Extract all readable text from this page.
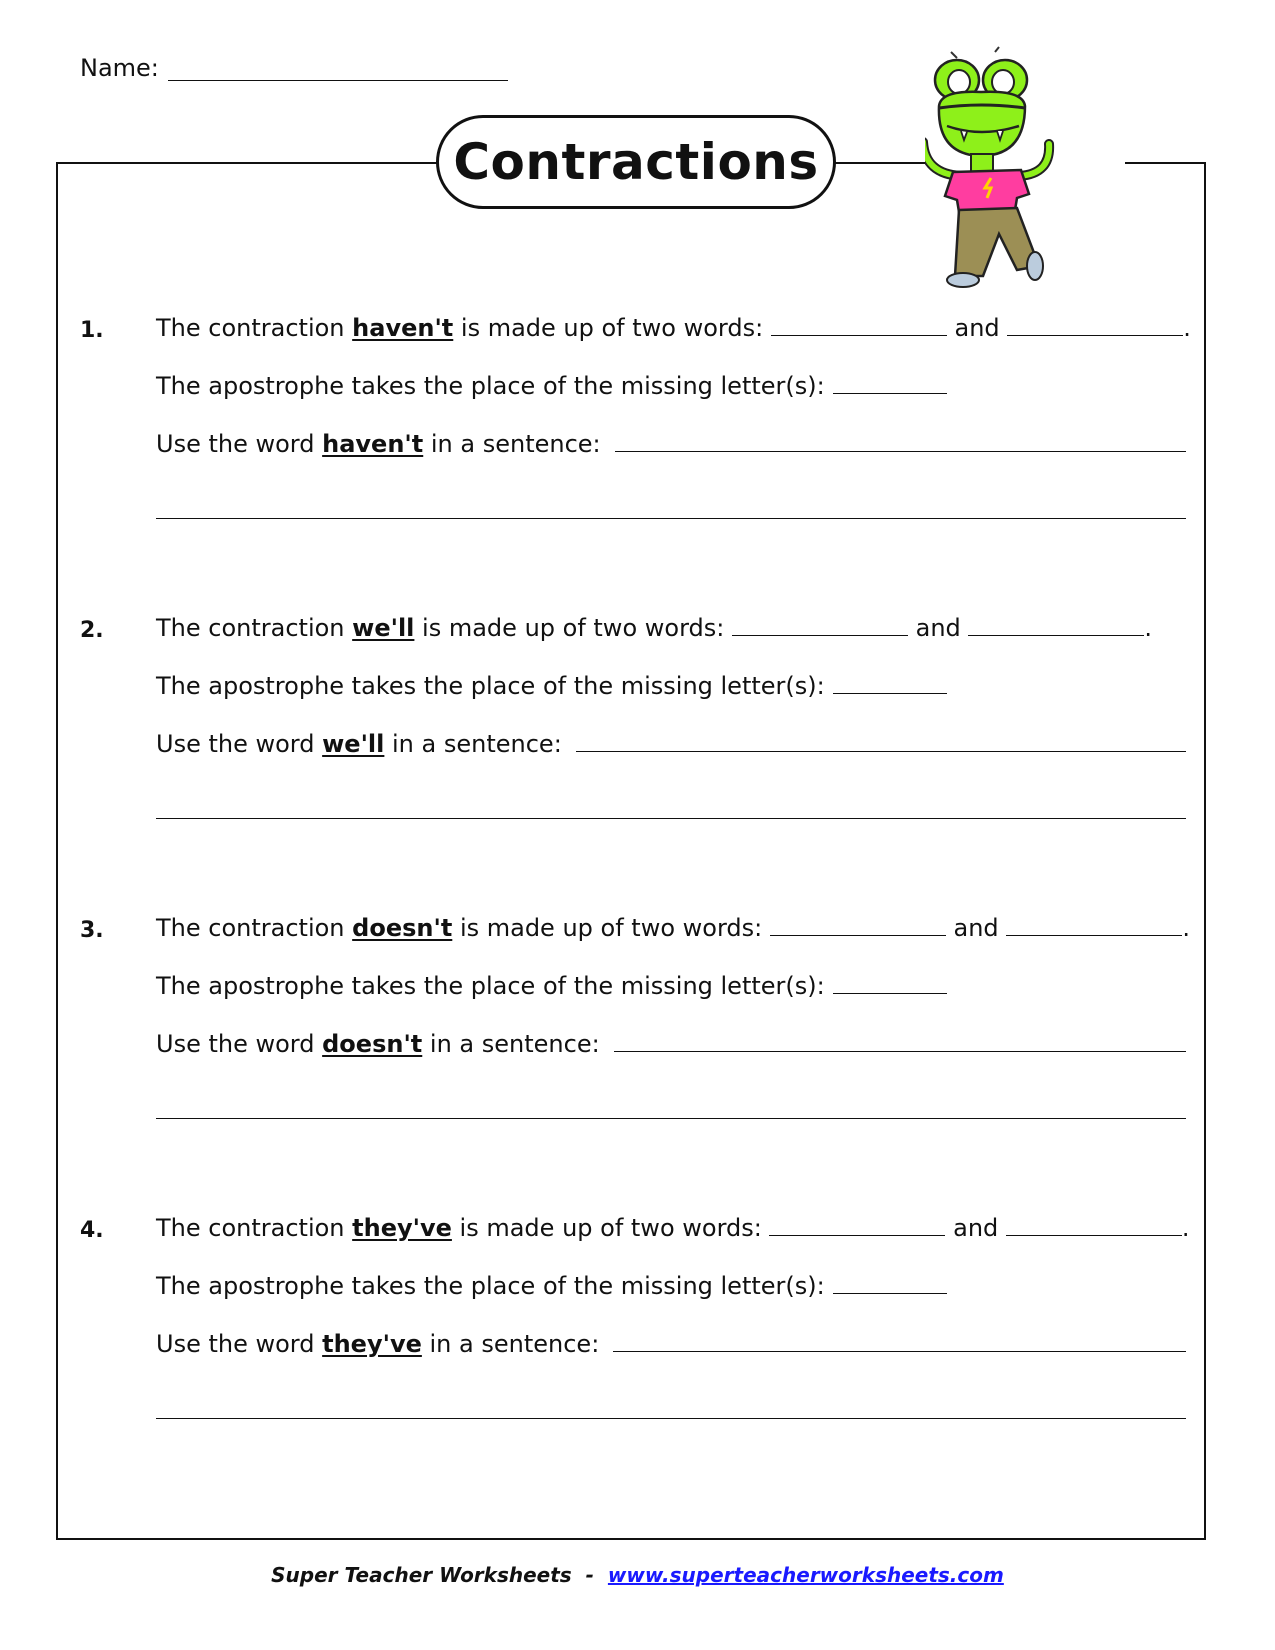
Name:
Contractions
1. The contraction
haven't
is made up of two words:

	and
	.
The apostrophe takes the place of the missing letter(s):
Use the word
haven't
in a sentence:
2. The contraction
we'll
is made up of two words:

	and
	.
The apostrophe takes the place of the missing letter(s):
Use the word
we'll
in a sentence:
3. The contraction
doesn't
is made up of two words:

	and
	.
The apostrophe takes the place of the missing letter(s):
Use the word
doesn't
in a sentence:
4. The contraction
they've
is made up of two words:

	and
	.
The apostrophe takes the place of the missing letter(s):
Use the word
they've
in a sentence:
Super Teacher Worksheets - www.superteacherworksheets.com
